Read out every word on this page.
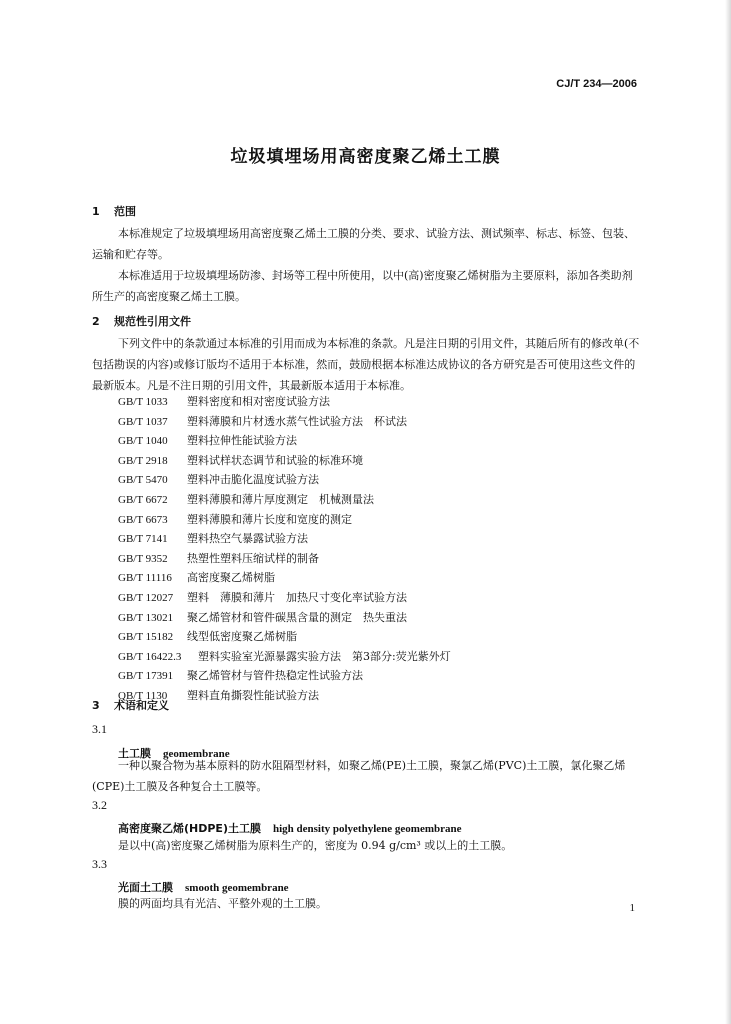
CJ/T 234—2006
垃圾填埋场用高密度聚乙烯土工膜
1 范围
本标准规定了垃圾填埋场用高密度聚乙烯土工膜的分类、要求、试验方法、测试频率、标志、标签、包装、运输和贮存等。
本标准适用于垃圾填埋场防渗、封场等工程中所使用，以中(高)密度聚乙烯树脂为主要原料，添加各类助剂所生产的高密度聚乙烯土工膜。
2 规范性引用文件
下列文件中的条款通过本标准的引用而成为本标准的条款。凡是注日期的引用文件，其随后所有的修改单(不包括勘误的内容)或修订版均不适用于本标准，然而，鼓励根据本标准达成协议的各方研究是否可使用这些文件的最新版本。凡是不注日期的引用文件，其最新版本适用于本标准。
GB/T 1033 塑料密度和相对密度试验方法
GB/T 1037 塑料薄膜和片材透水蒸气性试验方法　杯试法
GB/T 1040 塑料拉伸性能试验方法
GB/T 2918 塑料试样状态调节和试验的标准环境
GB/T 5470 塑料冲击脆化温度试验方法
GB/T 6672 塑料薄膜和薄片厚度测定　机械测量法
GB/T 6673 塑料薄膜和薄片长度和宽度的测定
GB/T 7141 塑料热空气暴露试验方法
GB/T 9352 热塑性塑料压缩试样的制备
GB/T 11116 高密度聚乙烯树脂
GB/T 12027 塑料　薄膜和薄片　加热尺寸变化率试验方法
GB/T 13021 聚乙烯管材和管件碳黑含量的测定　热失重法
GB/T 15182 线型低密度聚乙烯树脂
GB/T 16422.3 塑料实验室光源暴露实验方法　第3部分:荧光紫外灯
GB/T 17391 聚乙烯管材与管件热稳定性试验方法
QB/T 1130 塑料直角撕裂性能试验方法
3 术语和定义
3.1
土工膜 geomembrane
一种以聚合物为基本原料的防水阻隔型材料，如聚乙烯(PE)土工膜，聚氯乙烯(PVC)土工膜，氯化聚乙烯(CPE)土工膜及各种复合土工膜等。
3.2
高密度聚乙烯(HDPE)土工膜 high density polyethylene geomembrane
是以中(高)密度聚乙烯树脂为原料生产的，密度为 0.94 g/cm³ 或以上的土工膜。
3.3
光面土工膜 smooth geomembrane
膜的两面均具有光洁、平整外观的土工膜。	1
